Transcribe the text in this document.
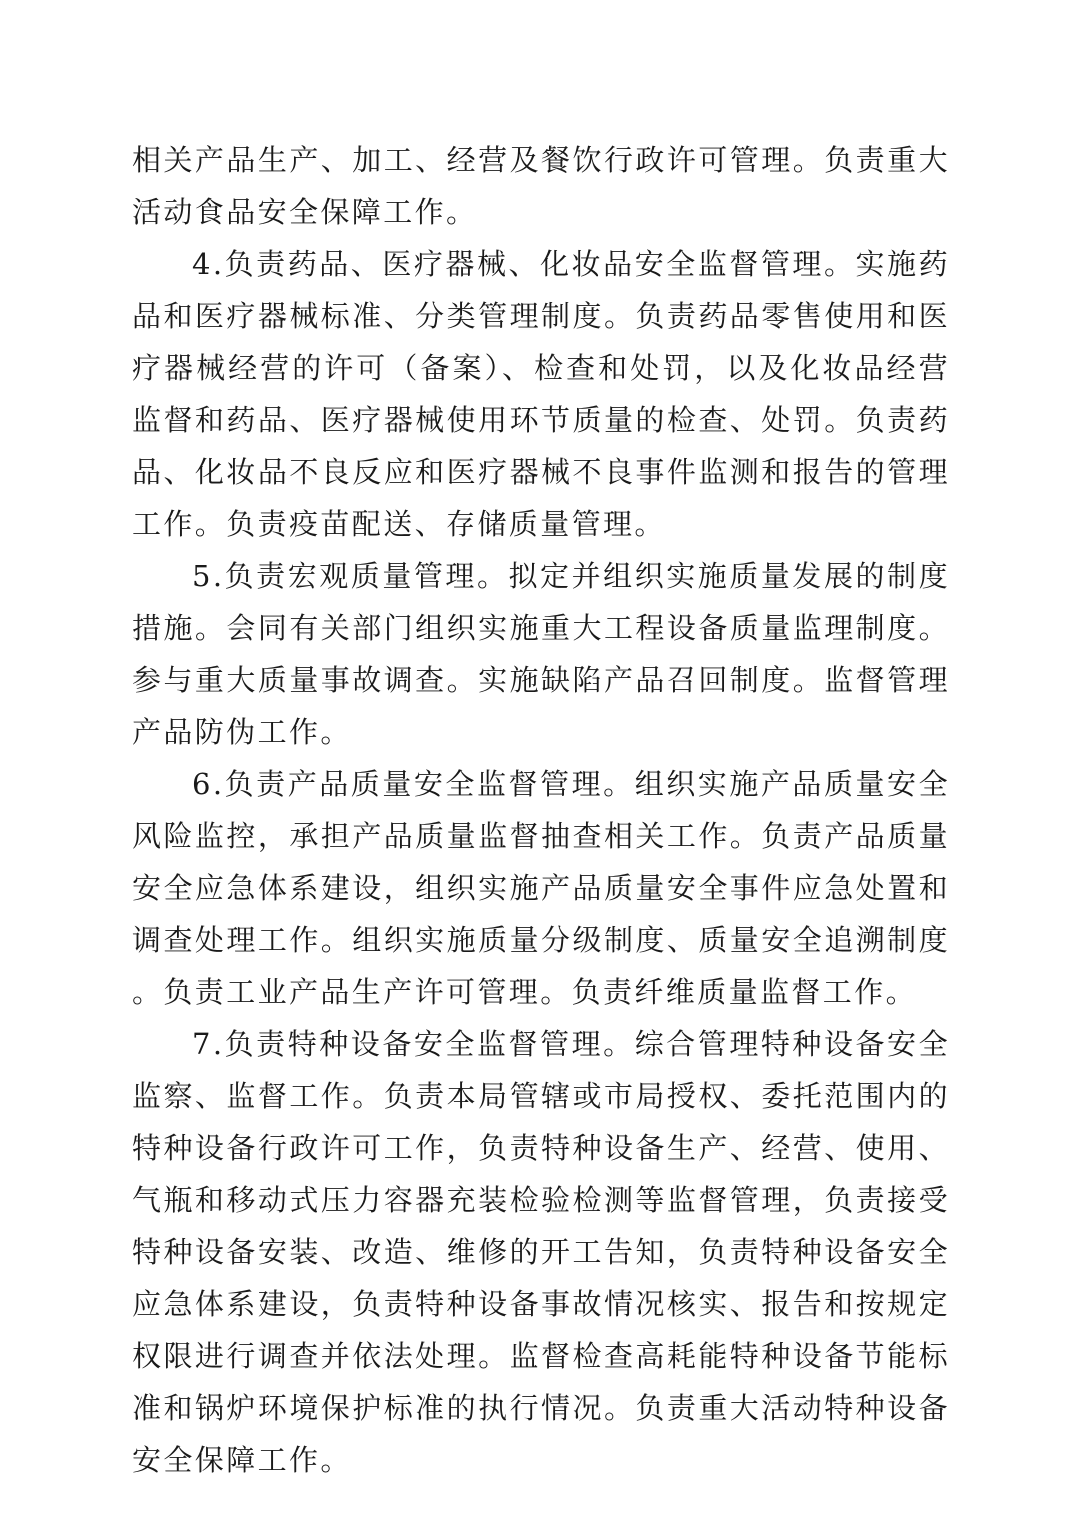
相关产品生产、加工、经营及餐饮行政许可管理。负责重大活动食品安全保障工作。

4.负责药品、医疗器械、化妆品安全监督管理。实施药品和医疗器械标准、分类管理制度。负责药品零售使用和医疗器械经营的许可（备案）、检查和处罚，以及化妆品经营监督和药品、医疗器械使用环节质量的检查、处罚。负责药品、化妆品不良反应和医疗器械不良事件监测和报告的管理工作。负责疫苗配送、存储质量管理。

5.负责宏观质量管理。拟定并组织实施质量发展的制度措施。会同有关部门组织实施重大工程设备质量监理制度。参与重大质量事故调查。实施缺陷产品召回制度。监督管理产品防伪工作。

6.负责产品质量安全监督管理。组织实施产品质量安全风险监控，承担产品质量监督抽查相关工作。负责产品质量安全应急体系建设，组织实施产品质量安全事件应急处置和调查处理工作。组织实施质量分级制度、质量安全追溯制度。负责工业产品生产许可管理。负责纤维质量监督工作。

7.负责特种设备安全监督管理。综合管理特种设备安全监察、监督工作。负责本局管辖或市局授权、委托范围内的特种设备行政许可工作，负责特种设备生产、经营、使用、气瓶和移动式压力容器充装检验检测等监督管理，负责接受特种设备安装、改造、维修的开工告知，负责特种设备安全应急体系建设，负责特种设备事故情况核实、报告和按规定权限进行调查并依法处理。监督检查高耗能特种设备节能标准和锅炉环境保护标准的执行情况。负责重大活动特种设备安全保障工作。
